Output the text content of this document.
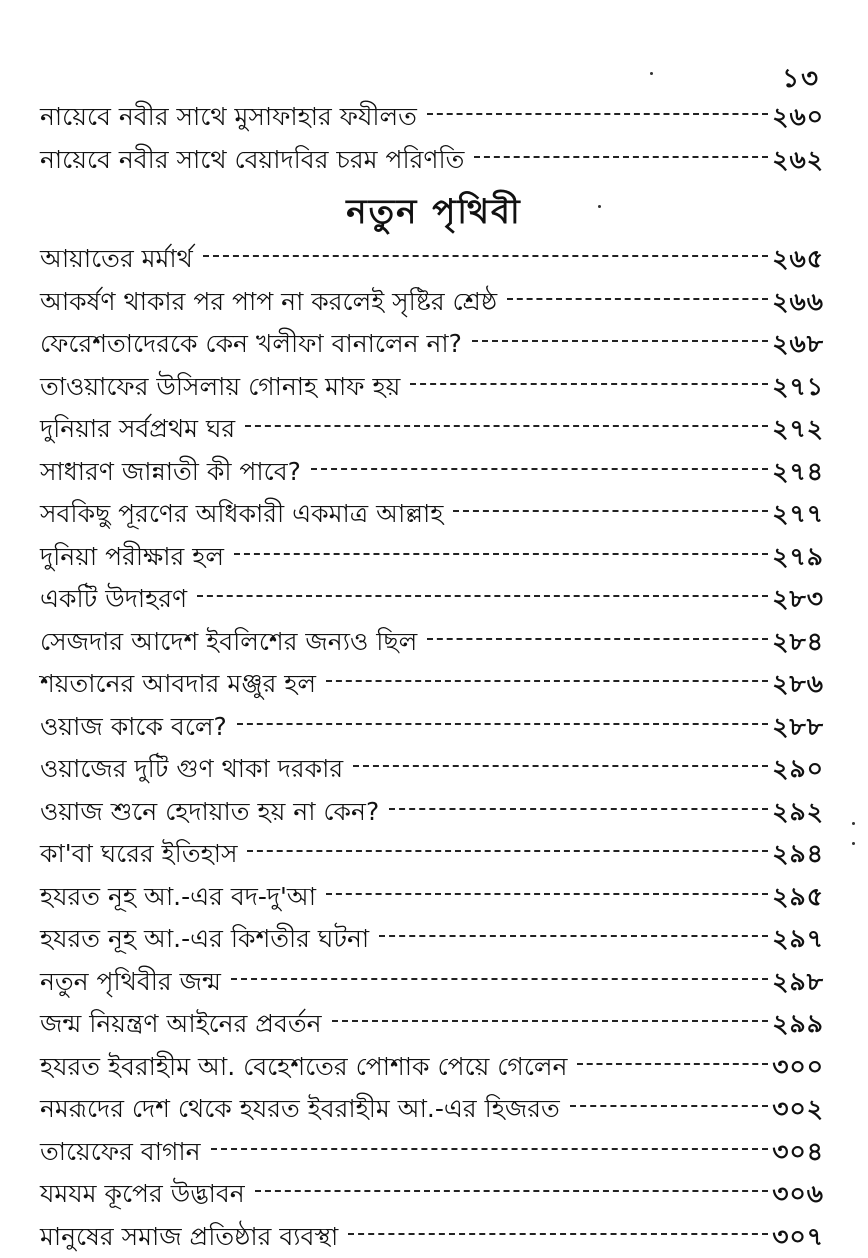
১৩
নায়েবে নবীর সাথে মুসাফাহার ফযীলত	২৬০
নায়েবে নবীর সাথে বেয়াদবির চরম পরিণতি	২৬২
নতুন পৃথিবী
আয়াতের মর্মার্থ	২৬৫
আকর্ষণ থাকার পর পাপ না করলেই সৃষ্টির শ্রেষ্ঠ	২৬৬
ফেরেশতাদেরকে কেন খলীফা বানালেন না?	২৬৮
তাওয়াফের উসিলায় গোনাহ মাফ হয়	২৭১
দুনিয়ার সর্বপ্রথম ঘর	২৭২
সাধারণ জান্নাতী কী পাবে?	২৭৪
সবকিছু পূরণের অধিকারী একমাত্র আল্লাহ	২৭৭
দুনিয়া পরীক্ষার হল	২৭৯
একটি উদাহরণ	২৮৩
সেজদার আদেশ ইবলিশের জন্যও ছিল	২৮৪
শয়তানের আবদার মঞ্জুর হল	২৮৬
ওয়াজ কাকে বলে?	২৮৮
ওয়াজের দুটি গুণ থাকা দরকার	২৯০
ওয়াজ শুনে হেদায়াত হয় না কেন?	২৯২
কা'বা ঘরের ইতিহাস	২৯৪
হযরত নূহ আ.-এর বদ-দু'আ	২৯৫
হযরত নূহ আ.-এর কিশতীর ঘটনা	২৯৭
নতুন পৃথিবীর জন্ম	২৯৮
জন্ম নিয়ন্ত্রণ আইনের প্রবর্তন	২৯৯
হযরত ইবরাহীম আ. বেহেশতের পোশাক পেয়ে গেলেন	৩০০
নমরূদের দেশ থেকে হযরত ইবরাহীম আ.-এর হিজরত	৩০২
তায়েফের বাগান	৩০৪
যমযম কূপের উদ্ভাবন	৩০৬
মানুষের সমাজ প্রতিষ্ঠার ব্যবস্থা	৩০৭
